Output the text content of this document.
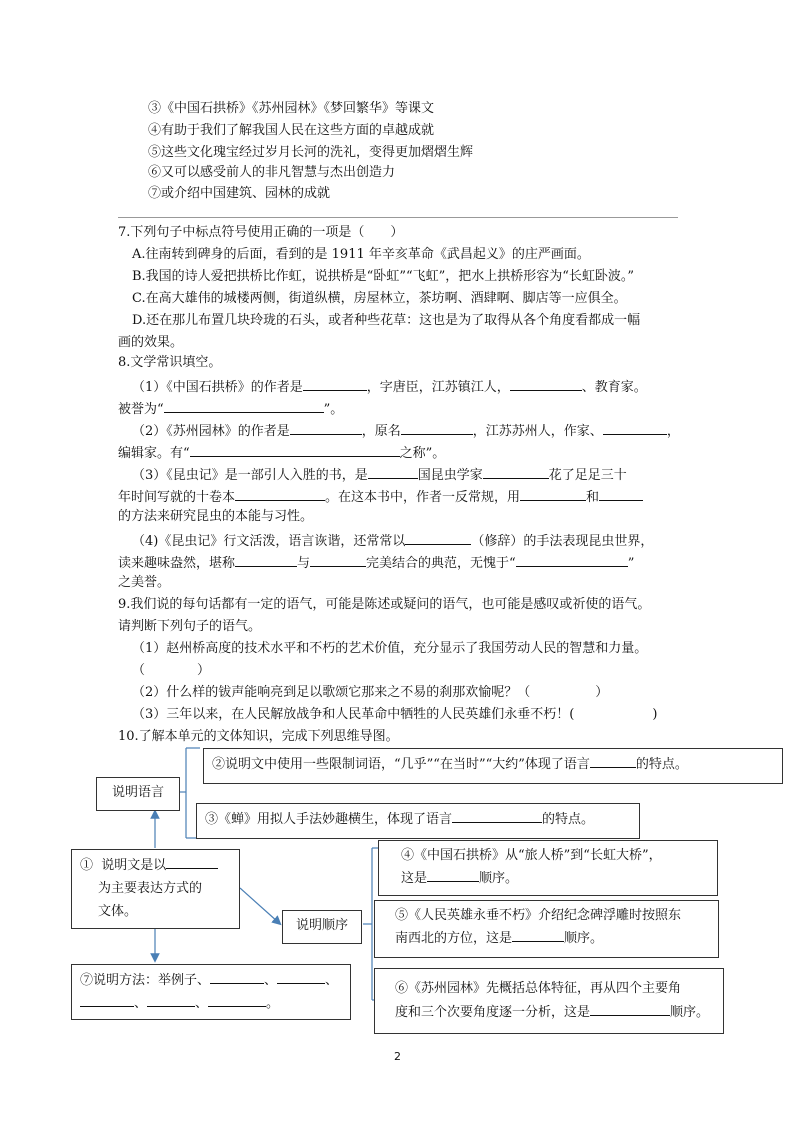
③《中国石拱桥》《苏州园林》《梦回繁华》等课文
④有助于我们了解我国人民在这些方面的卓越成就
⑤这些文化瑰宝经过岁月长河的洗礼，变得更加熠熠生辉
⑥又可以感受前人的非凡智慧与杰出创造力
⑦或介绍中国建筑、园林的成就
7.下列句子中标点符号使用正确的一项是（　　）
A.往南转到碑身的后面，看到的是 1911 年辛亥革命《武昌起义》的庄严画面。
B.我国的诗人爱把拱桥比作虹，说拱桥是“卧虹”“飞虹”，把水上拱桥形容为“长虹卧波。”
C.在高大雄伟的城楼两侧，街道纵横，房屋林立，茶坊啊、酒肆啊、脚店等一应俱全。
D.还在那儿布置几块玲珑的石头，或者种些花草：这也是为了取得从各个角度看都成一幅
画的效果。
8.文学常识填空。
（1）《中国石拱桥》的作者是	，字唐臣，江苏镇江人，	、教育家。
被誉为“	”。
（2）《苏州园林》的作者是	，原名	，江苏苏州人，作家、	，
编辑家。有“	之称”。
（3）《昆虫记》是一部引人入胜的书，是	国昆虫学家	花了足足三十
年时间写就的十卷本	。在这本书中，作者一反常规，用	和
的方法来研究昆虫的本能与习性。
（4)《昆虫记》行文活泼，语言诙谐，还常常以	（修辞）的手法表现昆虫世界，
读来趣味盎然，堪称	与	完美结合的典范，无愧于“	”
之美誉。
9.我们说的每句话都有一定的语气，可能是陈述或疑问的语气，也可能是感叹或祈使的语气。
请判断下列句子的语气。
（1）赵州桥高度的技术水平和不朽的艺术价值，充分显示了我国劳动人民的智慧和力量。
（　　　　）
（2）什么样的钹声能响亮到足以歌颂它那来之不易的刹那欢愉呢？（　　　　　）
（3）三年以来，在人民解放战争和人民革命中牺牲的人民英雄们永垂不朽！(　　　　　　)
10.了解本单元的文体知识，完成下列思维导图。
说明语言
②说明文中使用一些限制词语，“几乎”“在当时”“大约”体现了语言	的特点。
③《蝉》用拟人手法妙趣横生，体现了语言	的特点。
① 说明文是以
为主要表达方式的
文体。
说明顺序
④《中国石拱桥》从“旅人桥”到“长虹大桥”，
这是	顺序。
⑤《人民英雄永垂不朽》介绍纪念碑浮雕时按照东
南西北的方位，这是	顺序。
⑥《苏州园林》先概括总体特征，再从四个主要角
度和三个次要角度逐一分析，这是	顺序。
⑦说明方法：举例子、	、	、
、	、	。
2
